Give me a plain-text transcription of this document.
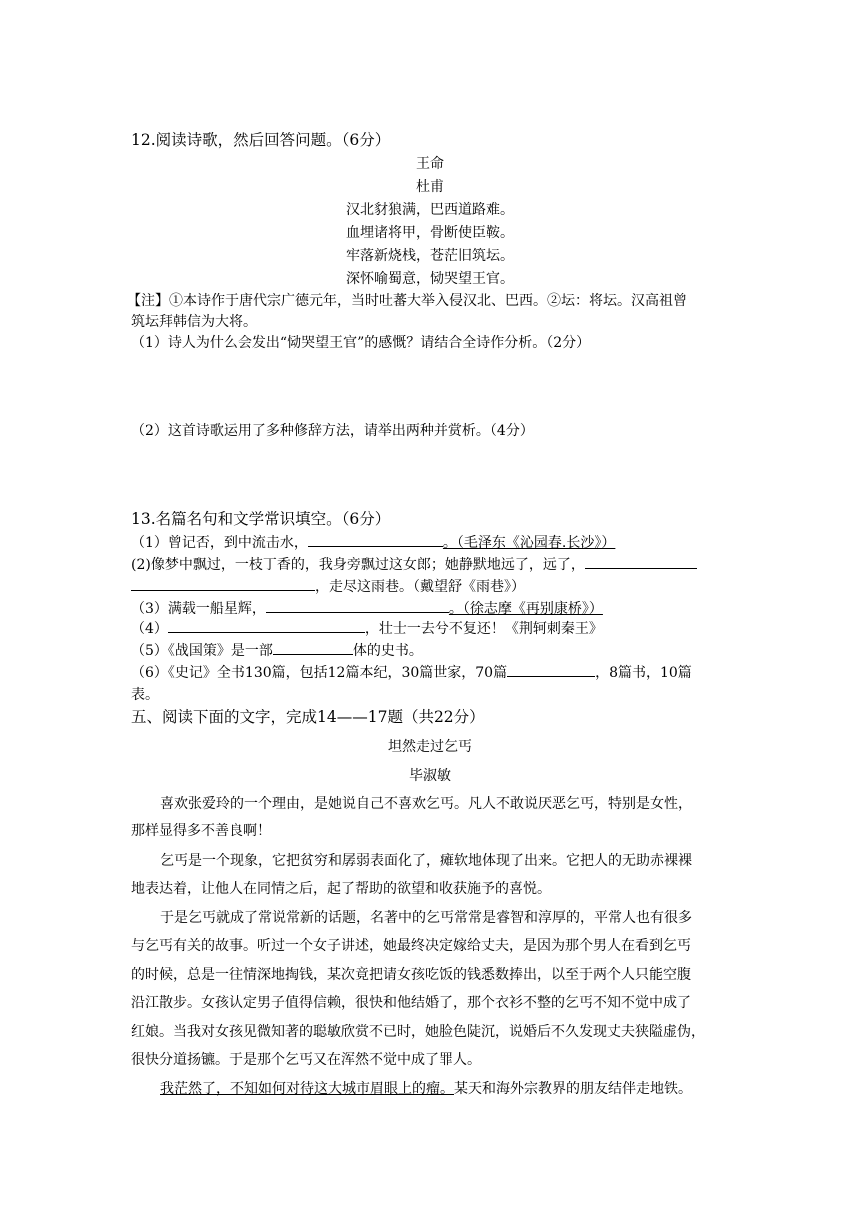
12.阅读诗歌，然后回答问题。（6分）
王命
杜甫
汉北豺狼满，巴西道路难。
血埋诸将甲，骨断使臣鞍。
牢落新烧栈，苍茫旧筑坛。
深怀喻蜀意，恸哭望王官。
【注】①本诗作于唐代宗广德元年，当时吐蕃大举入侵汉北、巴西。②坛：将坛。汉高祖曾
筑坛拜韩信为大将。
（1）诗人为什么会发出“恸哭望王官”的感慨？请结合全诗作分析。（2分）
（2）这首诗歌运用了多种修辞方法，请举出两种并赏析。（4分）
13.名篇名句和文学常识填空。（6分）
（1）曾记否，到中流击水，	。（毛泽东《沁园春.长沙》）
(2)像梦中飘过，一枝丁香的，我身旁飘过这女郎；她静默地远了，远了，
，走尽这雨巷。（戴望舒《雨巷》）
（3）满载一船星辉，	。（徐志摩《再别康桥》）
（4）	，壮士一去兮不复还！《荆轲刺秦王》
（5）《战国策》是一部	体的史书。
（6）《史记》全书130篇，包括12篇本纪，30篇世家，70篇	，8篇书，10篇
表。
五、阅读下面的文字，完成14——17题（共22分）
坦然走过乞丐
毕淑敏
喜欢张爱玲的一个理由，是她说自己不喜欢乞丐。凡人不敢说厌恶乞丐，特别是女性，
那样显得多不善良啊！
乞丐是一个现象，它把贫穷和孱弱表面化了，瘫软地体现了出来。它把人的无助赤裸裸
地表达着，让他人在同情之后，起了帮助的欲望和收获施予的喜悦。
于是乞丐就成了常说常新的话题，名著中的乞丐常常是睿智和淳厚的，平常人也有很多
与乞丐有关的故事。听过一个女子讲述，她最终决定嫁给丈夫，是因为那个男人在看到乞丐
的时候，总是一往情深地掏钱，某次竟把请女孩吃饭的钱悉数捧出，以至于两个人只能空腹
沿江散步。女孩认定男子值得信赖，很快和他结婚了，那个衣衫不整的乞丐不知不觉中成了
红娘。当我对女孩见微知著的聪敏欣赏不已时，她脸色陡沉，说婚后不久发现丈夫狭隘虚伪，
很快分道扬镳。于是那个乞丐又在浑然不觉中成了罪人。
我茫然了，不知如何对待这大城市眉眼上的瘤。某天和海外宗教界的朋友结伴走地铁。
